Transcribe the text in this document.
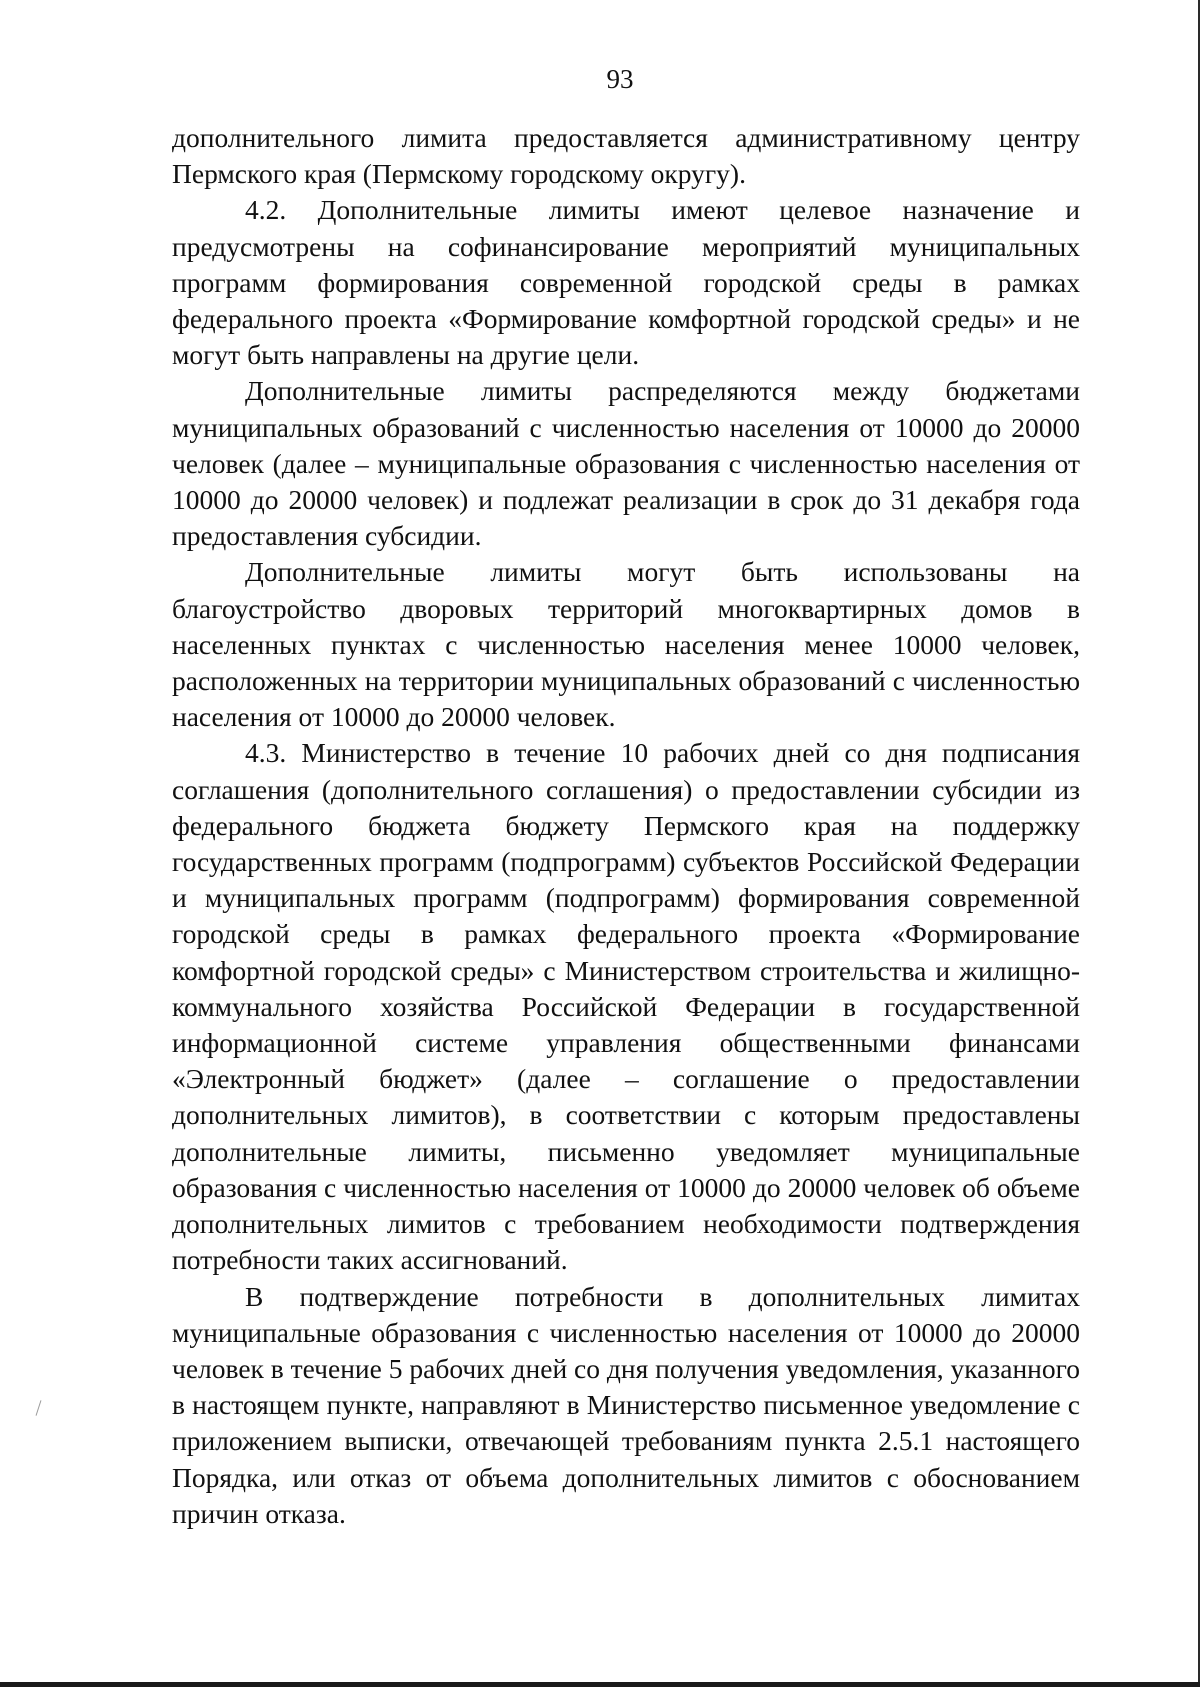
93

дополнительного лимита предоставляется административному центру Пермского края (Пермскому городскому округу).

4.2. Дополнительные лимиты имеют целевое назначение и предусмотрены на софинансирование мероприятий муниципальных программ формирования современной городской среды в рамках федерального проекта «Формирование комфортной городской среды» и не могут быть направлены на другие цели.

Дополнительные лимиты распределяются между бюджетами муниципальных образований с численностью населения от 10000 до 20000 человек (далее – муниципальные образования с численностью населения от 10000 до 20000 человек) и подлежат реализации в срок до 31 декабря года предоставления субсидии.

Дополнительные лимиты могут быть использованы на благоустройство дворовых территорий многоквартирных домов в населенных пунктах с численностью населения менее 10000 человек, расположенных на территории муниципальных образований с численностью населения от 10000 до 20000 человек.

4.3. Министерство в течение 10 рабочих дней со дня подписания соглашения (дополнительного соглашения) о предоставлении субсидии из федерального бюджета бюджету Пермского края на поддержку государственных программ (подпрограмм) субъектов Российской Федерации и муниципальных программ (подпрограмм) формирования современной городской среды в рамках федерального проекта «Формирование комфортной городской среды» с Министерством строительства и жилищно-коммунального хозяйства Российской Федерации в государственной информационной системе управления общественными финансами «Электронный бюджет» (далее – соглашение о предоставлении дополнительных лимитов), в соответствии с которым предоставлены дополнительные лимиты, письменно уведомляет муниципальные образования с численностью населения от 10000 до 20000 человек об объеме дополнительных лимитов с требованием необходимости подтверждения потребности таких ассигнований.

В подтверждение потребности в дополнительных лимитах муниципальные образования с численностью населения от 10000 до 20000 человек в течение 5 рабочих дней со дня получения уведомления, указанного в настоящем пункте, направляют в Министерство письменное уведомление с приложением выписки, отвечающей требованиям пункта 2.5.1 настоящего Порядка, или отказ от объема дополнительных лимитов с обоснованием причин отказа.
